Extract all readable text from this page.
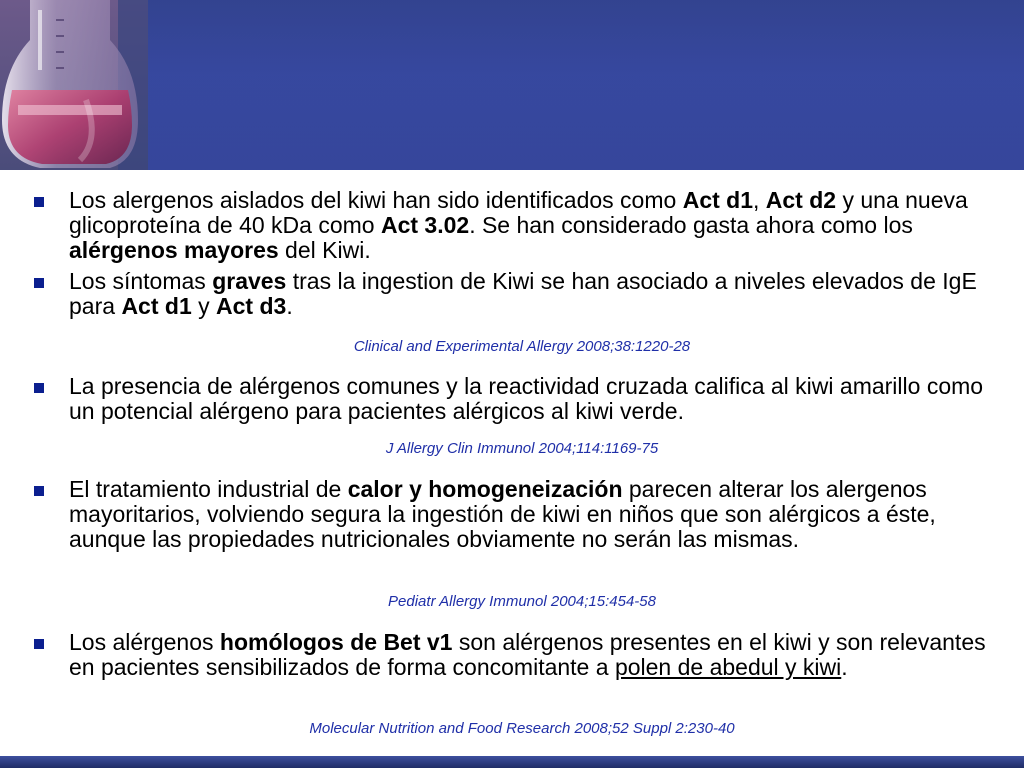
Los alergenos aislados del kiwi han sido identificados como Act d1, Act d2 y una nueva glicoproteína de 40 kDa como Act 3.02. Se han considerado gasta ahora como los alérgenos mayores del Kiwi.
Los síntomas graves tras la ingestion de Kiwi se han asociado a niveles elevados de IgE para Act d1 y Act d3.
Clinical and Experimental Allergy 2008;38:1220-28
La presencia de alérgenos comunes y la reactividad cruzada califica al kiwi amarillo como un potencial alérgeno para pacientes alérgicos al kiwi verde.
J Allergy Clin Immunol 2004;114:1169-75
El tratamiento industrial de calor y homogeneización parecen alterar los alergenos mayoritarios, volviendo segura la ingestión de kiwi en niños que son alérgicos a éste, aunque las propiedades nutricionales obviamente no serán las mismas.
Pediatr Allergy Immunol 2004;15:454-58
Los alérgenos homólogos de Bet v1 son alérgenos presentes en el kiwi y son relevantes en pacientes sensibilizados de forma concomitante a polen de abedul y kiwi.
Molecular Nutrition and Food Research 2008;52 Suppl 2:230-40
